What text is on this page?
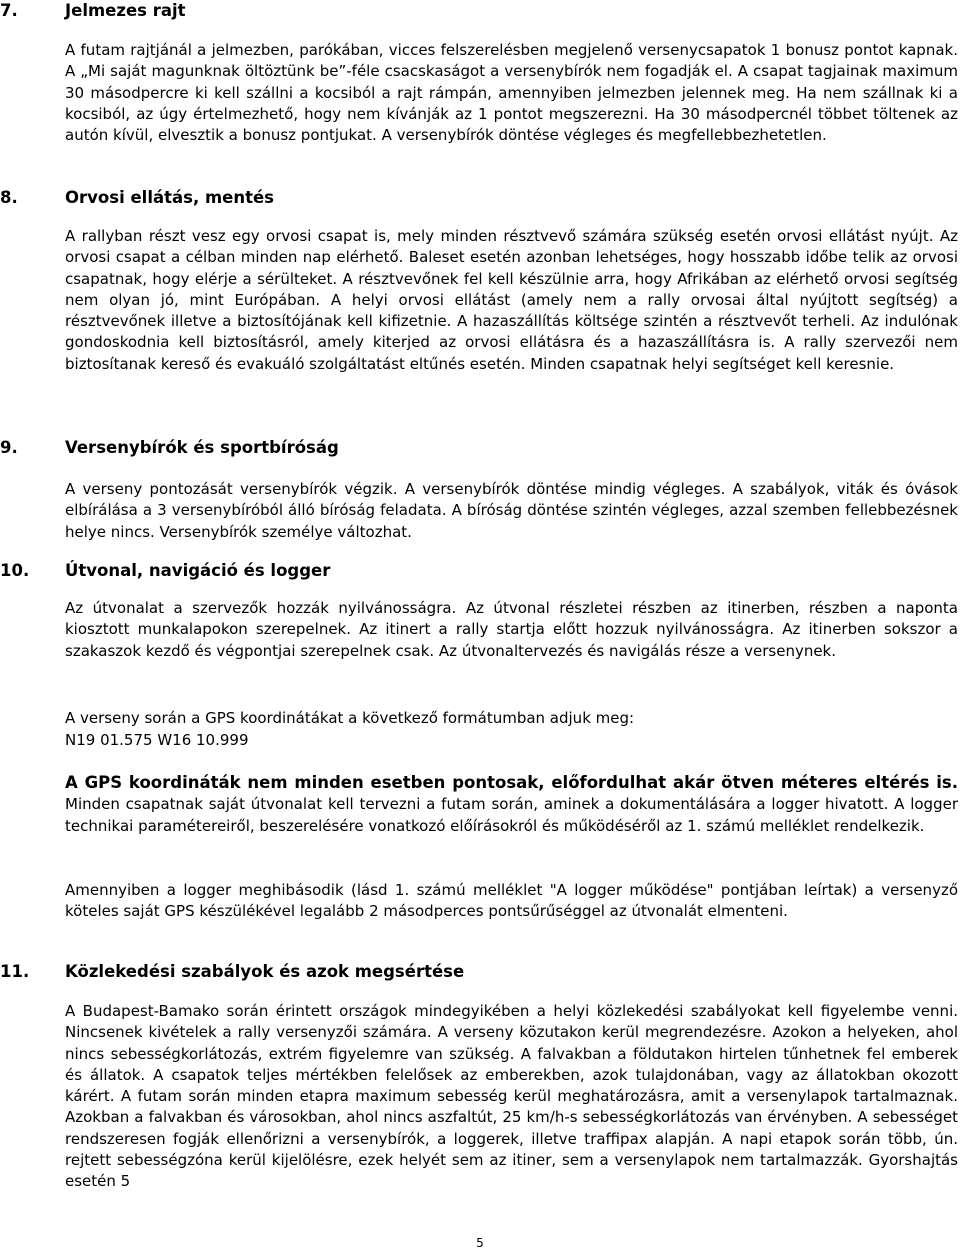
7.	Jelmezes rajt

A futam rajtjánál a jelmezben, parókában, vicces felszerelésben megjelenő versenycsapatok 1 bonusz pontot kapnak. A „Mi saját magunknak öltöztünk be”-féle csacskaságot a versenybírók nem fogadják el. A csapat tagjainak maximum 30 másodpercre ki kell szállni a kocsiból a rajt rámpán, amennyiben jelmezben jelennek meg. Ha nem szállnak ki a kocsiból, az úgy értelmezhető, hogy nem kívánják az 1 pontot megszerezni. Ha 30 másodpercnél többet töltenek az autón kívül, elvesztik a bonusz pontjukat. A versenybírók döntése végleges és megfellebbezhetetlen.

8.	Orvosi ellátás, mentés

A rallyban részt vesz egy orvosi csapat is, mely minden résztvevő számára szükség esetén orvosi ellátást nyújt. Az orvosi csapat a célban minden nap elérhető. Baleset esetén azonban lehetséges, hogy hosszabb időbe telik az orvosi csapatnak, hogy elérje a sérülteket. A résztvevőnek fel kell készülnie arra, hogy Afrikában az elérhető orvosi segítség nem olyan jó, mint Európában. A helyi orvosi ellátást (amely nem a rally orvosai által nyújtott segítség) a résztvevőnek illetve a biztosítójának kell kifizetnie. A hazaszállítás költsége szintén a résztvevőt terheli. Az indulónak gondoskodnia kell biztosításról, amely kiterjed az orvosi ellátásra és a hazaszállításra is. A rally szervezői nem biztosítanak kereső és evakuáló szolgáltatást eltűnés esetén. Minden csapatnak helyi segítséget kell keresnie.

9.	Versenybírók és sportbíróság

A verseny pontozását versenybírók végzik. A versenybírók döntése mindig végleges. A szabályok, viták és óvások elbírálása a 3 versenybíróból álló bíróság feladata. A bíróság döntése szintén végleges, azzal szemben fellebbezésnek helye nincs. Versenybírók személye változhat.

10. Útvonal, navigáció és logger

Az útvonalat a szervezők hozzák nyilvánosságra. Az útvonal részletei részben az itinerben, részben a naponta kiosztott munkalapokon szerepelnek. Az itinert a rally startja előtt hozzuk nyilvánosságra. Az itinerben sokszor a szakaszok kezdő és végpontjai szerepelnek csak. Az útvonaltervezés és navigálás része a versenynek.

A verseny során a GPS koordinátákat a következő formátumban adjuk meg:

N19 01.575 W16 10.999

A GPS koordináták nem minden esetben pontosak, előfordulhat akár ötven méteres eltérés is. Minden csapatnak saját útvonalat kell tervezni a futam során, aminek a dokumentálására a logger hivatott. A logger technikai paramétereiről, beszerelésére vonatkozó előírásokról és működéséről az 1. számú melléklet rendelkezik.

Amennyiben a logger meghibásodik (lásd 1. számú melléklet "A logger működése" pontjában leírtak) a versenyző köteles saját GPS készülékével legalább 2 másodperces pontsűrűséggel az útvonalát elmenteni.

11. Közlekedési szabályok és azok megsértése

A Budapest-Bamako során érintett országok mindegyikében a helyi közlekedési szabályokat kell figyelembe venni. Nincsenek kivételek a rally versenyzői számára. A verseny közutakon kerül megrendezésre. Azokon a helyeken, ahol nincs sebességkorlátozás, extrém figyelemre van szükség. A falvakban a földutakon hirtelen tűnhetnek fel emberek és állatok. A csapatok teljes mértékben felelősek az emberekben, azok tulajdonában, vagy az állatokban okozott kárért. A futam során minden etapra maximum sebesség kerül meghatározásra, amit a versenylapok tartalmaznak. Azokban a falvakban és városokban, ahol nincs aszfaltút, 25 km/h-s sebességkorlátozás van érvényben. A sebességet rendszeresen fogják ellenőrizni a versenybírók, a loggerek, illetve traffipax alapján. A napi etapok során több, ún. rejtett sebességzóna kerül kijelölésre, ezek helyét sem az itiner, sem a versenylapok nem tartalmazzák. Gyorshajtás esetén 5

5
